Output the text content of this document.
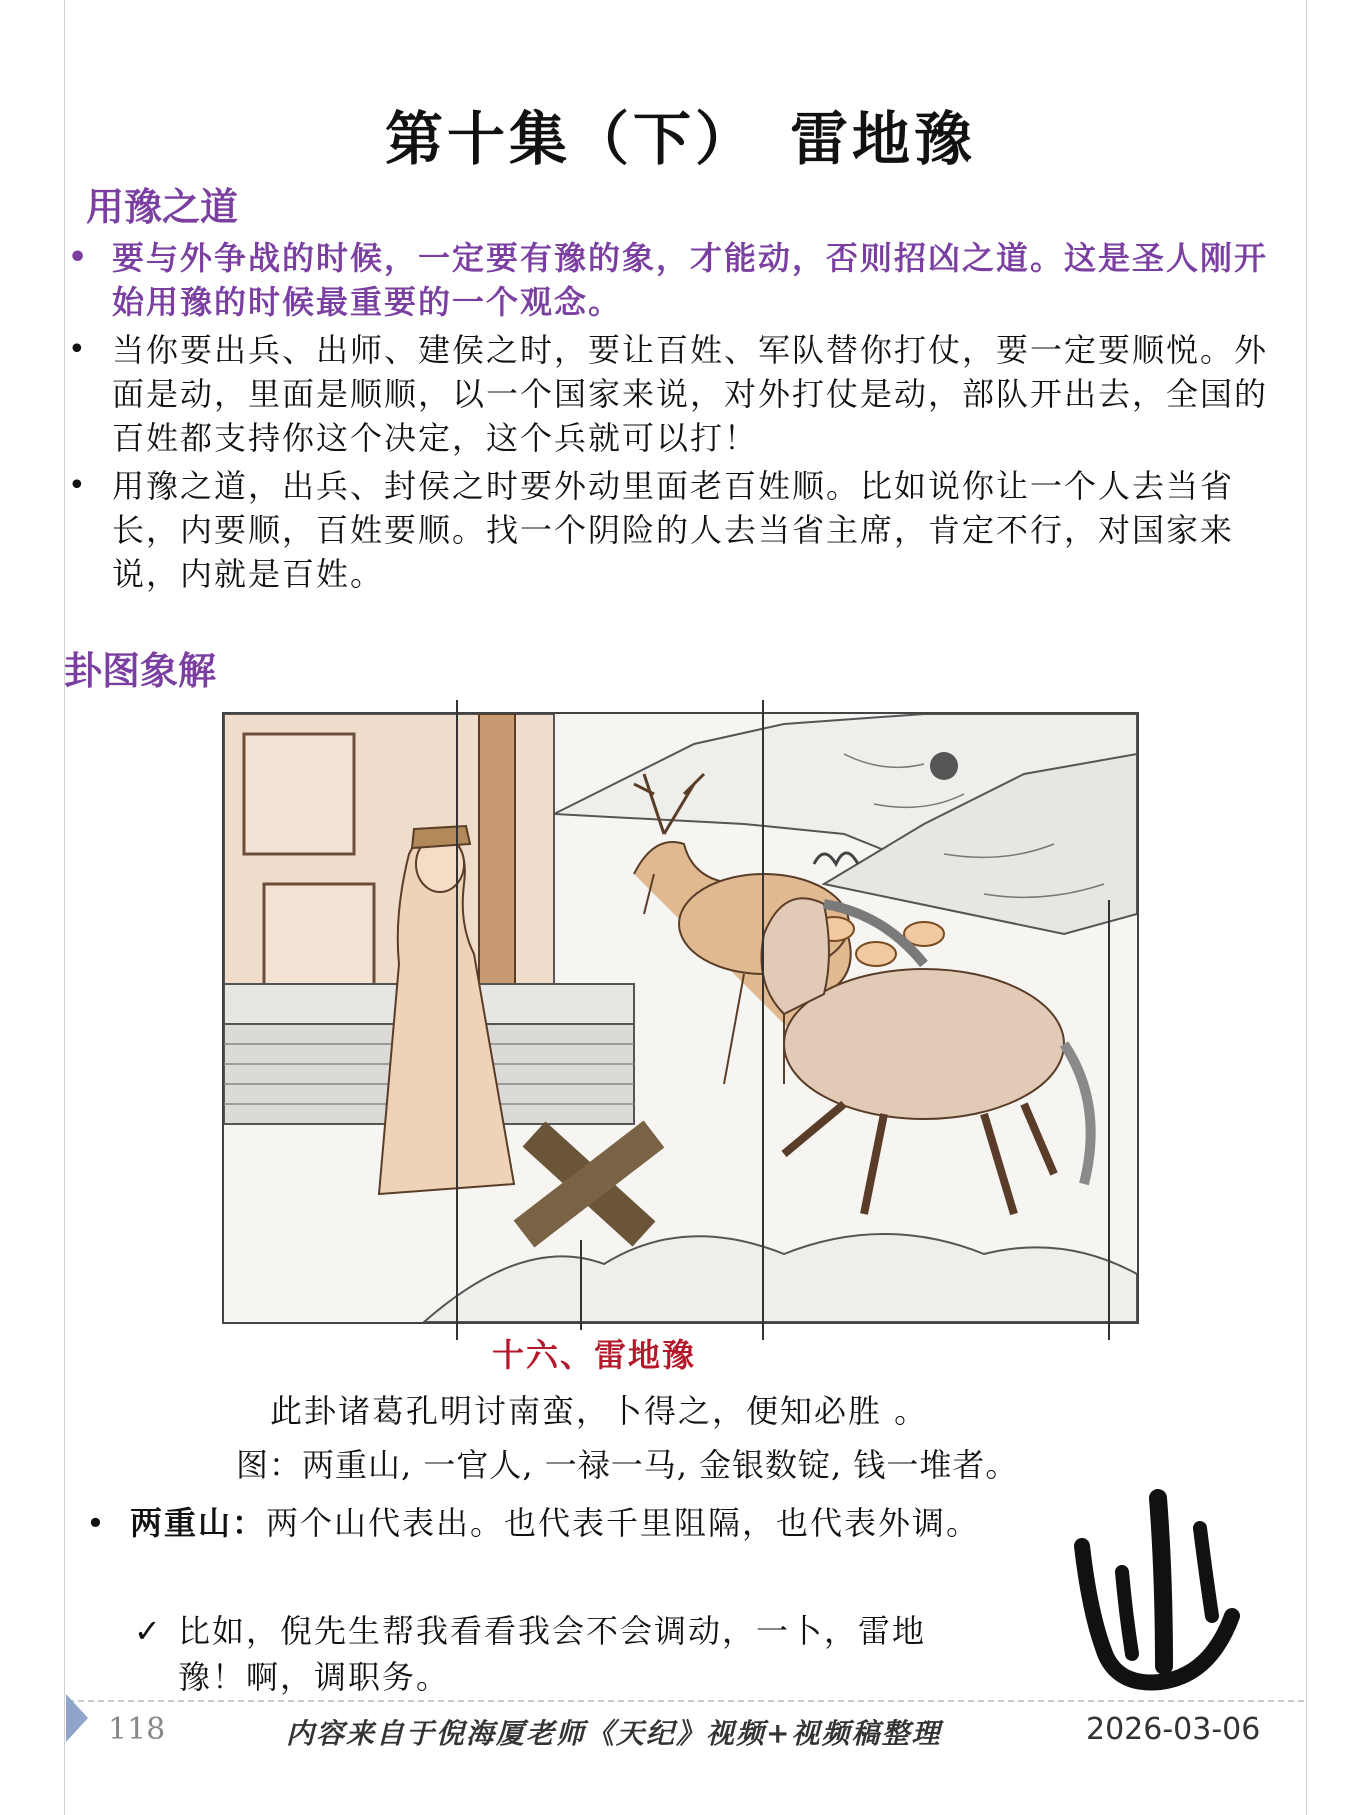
第十集（下）　雷地豫
用豫之道
• 要与外争战的时候，一定要有豫的象，才能动，否则招凶之道。这是圣人刚开始用豫的时候最重要的一个观念。
• 当你要出兵、出师、建侯之时，要让百姓、军队替你打仗，要一定要顺悦。外面是动，里面是顺顺，以一个国家来说，对外打仗是动，部队开出去，全国的百姓都支持你这个决定，这个兵就可以打！
• 用豫之道，出兵、封侯之时要外动里面老百姓顺。比如说你让一个人去当省长，内要顺，百姓要顺。找一个阴险的人去当省主席，肯定不行，对国家来说，内就是百姓。
卦图象解
十六、雷地豫
此卦诸葛孔明讨南蛮，卜得之，便知必胜 。
图：两重山, 一官人, 一禄一马, 金银数锭, 钱一堆者。
• 两重山：两个山代表出。也代表千里阻隔，也代表外调。
✓ 比如，倪先生帮我看看我会不会调动，一卜，雷地豫！啊，调职务。
118	内容来自于倪海厦老师《天纪》视频+视频稿整理	2026-03-06
